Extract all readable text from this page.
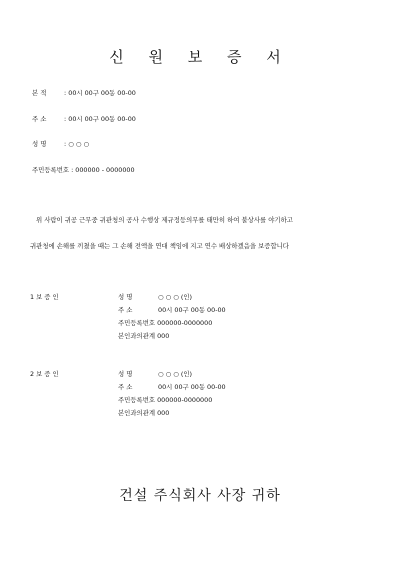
신 원 보 증 서
본 적	: 00시 00구 00동 00-00
주 소	: 00시 00구 00동 00-00
성 명	: ○ ○ ○
주민등록번호 : 000000 - 0000000
위 사람이 귀공 근무중 귀관청의 공사 수행상 제규정등의무를 태만히 하여 불상사를 야기하고
귀관청에 손해를 끼쳤을 때는 그 손해 전액을 연대 책임에 지고 연수 배상하겠음을 보증합니다
1 보 증 인	성 명	○ ○ ○ (인)
주 소	00시 00구 00동 00-00
주민등록번호 000000-0000000
본인과의관계 000
2 보 증 인	성 명	○ ○ ○ (인)
주 소	00시 00구 00동 00-00
주민등록번호 000000-0000000
본인과의관계 000
건설 주식회사 사장 귀하
